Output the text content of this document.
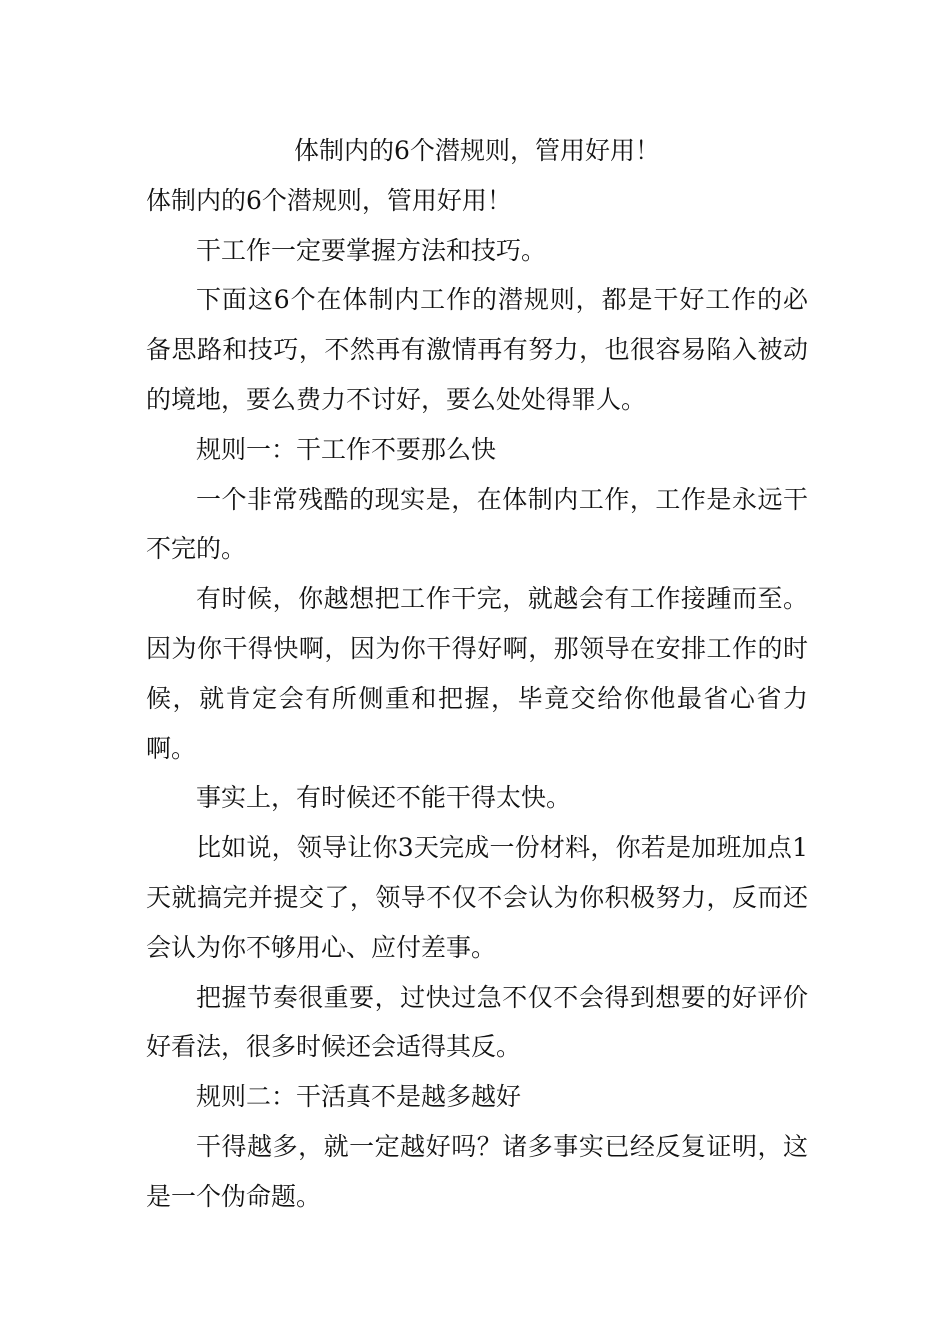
体制内的6个潜规则，管用好用！

体制内的6个潜规则，管用好用！

干工作一定要掌握方法和技巧。

下面这6个在体制内工作的潜规则，都是干好工作的必备思路和技巧，不然再有激情再有努力，也很容易陷入被动的境地，要么费力不讨好，要么处处得罪人。

规则一：干工作不要那么快

一个非常残酷的现实是，在体制内工作，工作是永远干不完的。

有时候，你越想把工作干完，就越会有工作接踵而至。因为你干得快啊，因为你干得好啊，那领导在安排工作的时候，就肯定会有所侧重和把握，毕竟交给你他最省心省力啊。

事实上，有时候还不能干得太快。

比如说，领导让你3天完成一份材料，你若是加班加点1天就搞完并提交了，领导不仅不会认为你积极努力，反而还会认为你不够用心、应付差事。

把握节奏很重要，过快过急不仅不会得到想要的好评价好看法，很多时候还会适得其反。

规则二：干活真不是越多越好

干得越多，就一定越好吗？诸多事实已经反复证明，这是一个伪命题。
